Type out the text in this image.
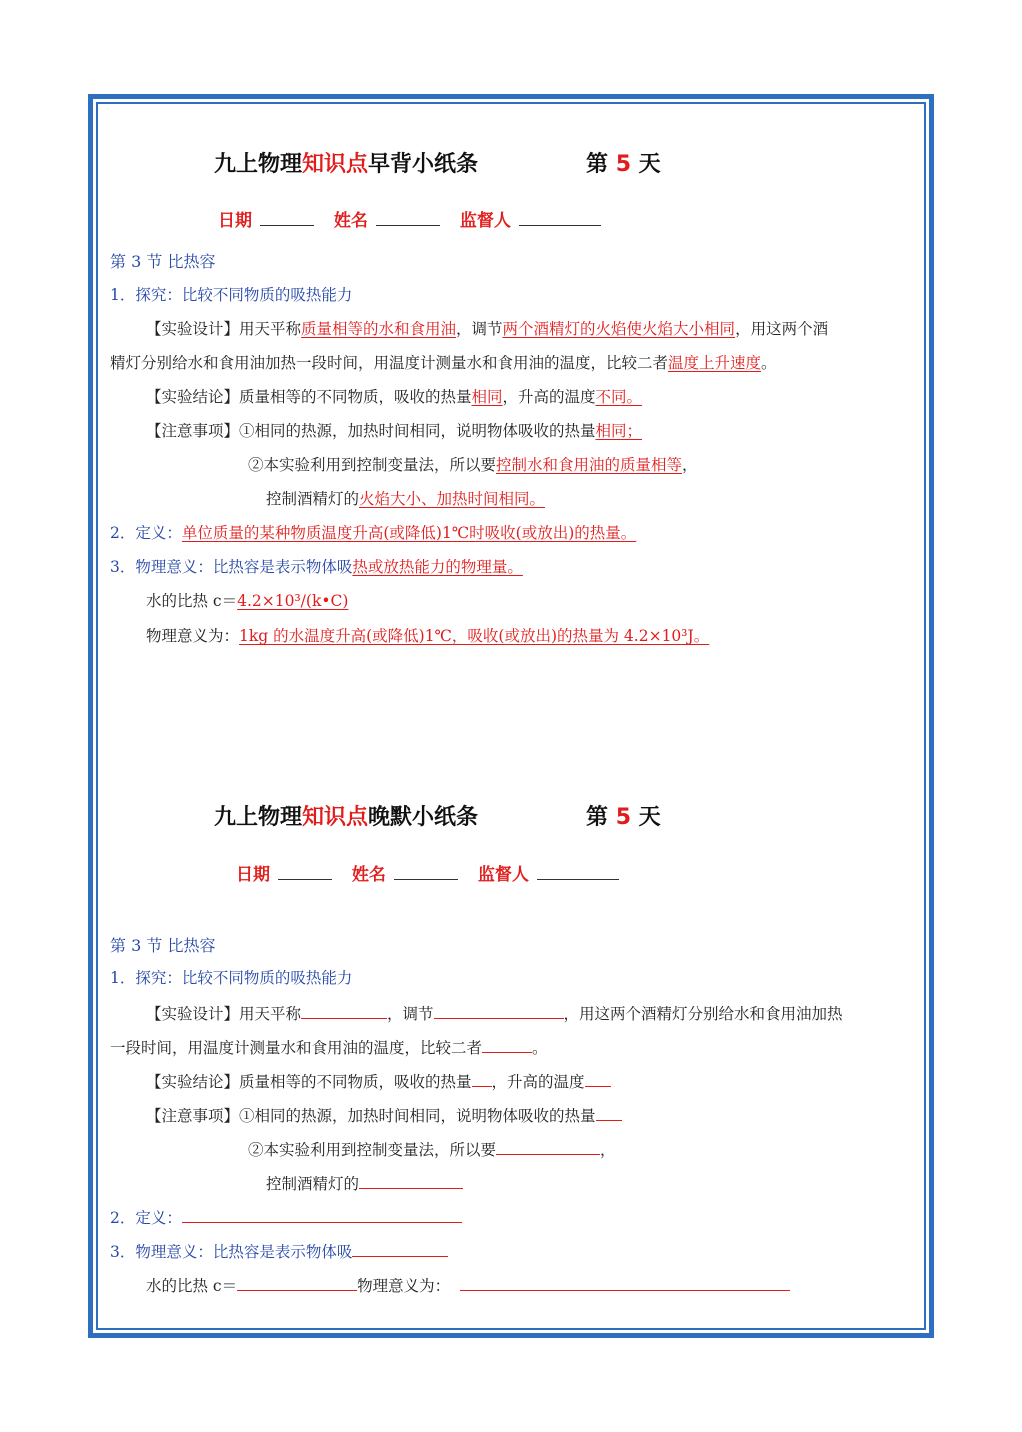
九上物理知识点早背小纸条	第 5 天
日期	姓名	监督人
第 3 节 比热容
1．探究：比较不同物质的吸热能力
【实验设计】用天平称质量相等的水和食用油，调节两个酒精灯的火焰使火焰大小相同，用这两个酒
精灯分别给水和食用油加热一段时间，用温度计测量水和食用油的温度，比较二者温度上升速度。
【实验结论】质量相等的不同物质，吸收的热量相同，升高的温度不同。
【注意事项】①相同的热源，加热时间相同，说明物体吸收的热量相同；
②本实验利用到控制变量法，所以要控制水和食用油的质量相等，
控制酒精灯的火焰大小、加热时间相同。
2．定义：单位质量的某种物质温度升高(或降低)1℃时吸收(或放出)的热量。
3．物理意义：比热容是表示物体吸热或放热能力的物理量。
水的比热 c＝4.2×10³/(k•C)
物理意义为：1kg 的水温度升高(或降低)1℃，吸收(或放出)的热量为 4.2×10³J。
九上物理知识点晚默小纸条	第 5 天
日期	姓名	监督人
第 3 节 比热容
1．探究：比较不同物质的吸热能力
【实验设计】用天平称	，调节	，用这两个酒精灯分别给水和食用油加热
一段时间，用温度计测量水和食用油的温度，比较二者	。
【实验结论】质量相等的不同物质，吸收的热量 ，升高的温度
【注意事项】①相同的热源，加热时间相同，说明物体吸收的热量
②本实验利用到控制变量法，所以要	，
控制酒精灯的
2．定义：
3．物理意义：比热容是表示物体吸
水的比热 c＝	物理意义为：
